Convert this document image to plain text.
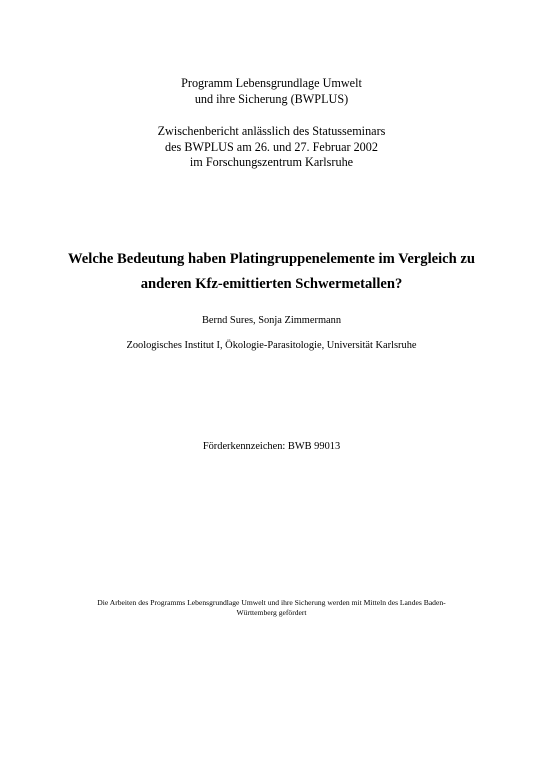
Programm Lebensgrundlage Umwelt
und ihre Sicherung (BWPLUS)
Zwischenbericht anlässlich des Statusseminars
des BWPLUS am 26. und 27. Februar 2002
im Forschungszentrum Karlsruhe
Welche Bedeutung haben Platingruppenelemente im Vergleich zu
anderen Kfz-emittierten Schwermetallen?
Bernd Sures, Sonja Zimmermann
Zoologisches Institut I, Ökologie-Parasitologie, Universität Karlsruhe
Förderkennzeichen: BWB 99013
Die Arbeiten des Programms Lebensgrundlage Umwelt und ihre Sicherung werden mit Mitteln des Landes Baden-
Württemberg gefördert
